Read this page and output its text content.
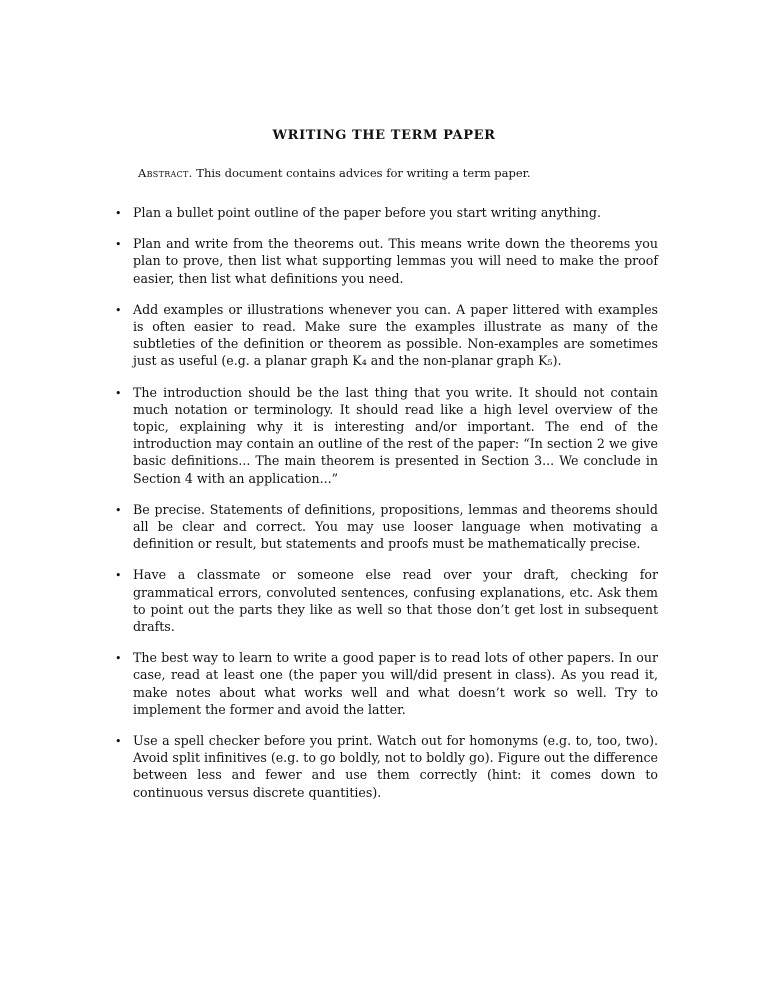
WRITING THE TERM PAPER
Abstract. This document contains advices for writing a term paper.
• Plan a bullet point outline of the paper before you start writing anything.
• Plan and write from the theorems out. This means write down the theorems you plan to prove, then list what supporting lemmas you will need to make the proof easier, then list what definitions you need.
• Add examples or illustrations whenever you can. A paper littered with examples is often easier to read. Make sure the examples illustrate as many of the subtleties of the definition or theorem as possible. Non-examples are sometimes just as useful (e.g. a planar graph K₄ and the non-planar graph K₅).
• The introduction should be the last thing that you write. It should not contain much notation or terminology. It should read like a high level overview of the topic, explaining why it is interesting and/or important. The end of the introduction may contain an outline of the rest of the paper: “In section 2 we give basic definitions... The main theorem is presented in Section 3... We conclude in Section 4 with an application...”
• Be precise. Statements of definitions, propositions, lemmas and theorems should all be clear and correct. You may use looser language when motivating a definition or result, but statements and proofs must be mathematically precise.
• Have a classmate or someone else read over your draft, checking for grammatical errors, convoluted sentences, confusing explanations, etc. Ask them to point out the parts they like as well so that those don’t get lost in subsequent drafts.
• The best way to learn to write a good paper is to read lots of other papers. In our case, read at least one (the paper you will/did present in class). As you read it, make notes about what works well and what doesn’t work so well. Try to implement the former and avoid the latter.
• Use a spell checker before you print. Watch out for homonyms (e.g. to, too, two). Avoid split infinitives (e.g. to go boldly, not to boldly go). Figure out the difference between less and fewer and use them correctly (hint: it comes down to continuous versus discrete quantities).
